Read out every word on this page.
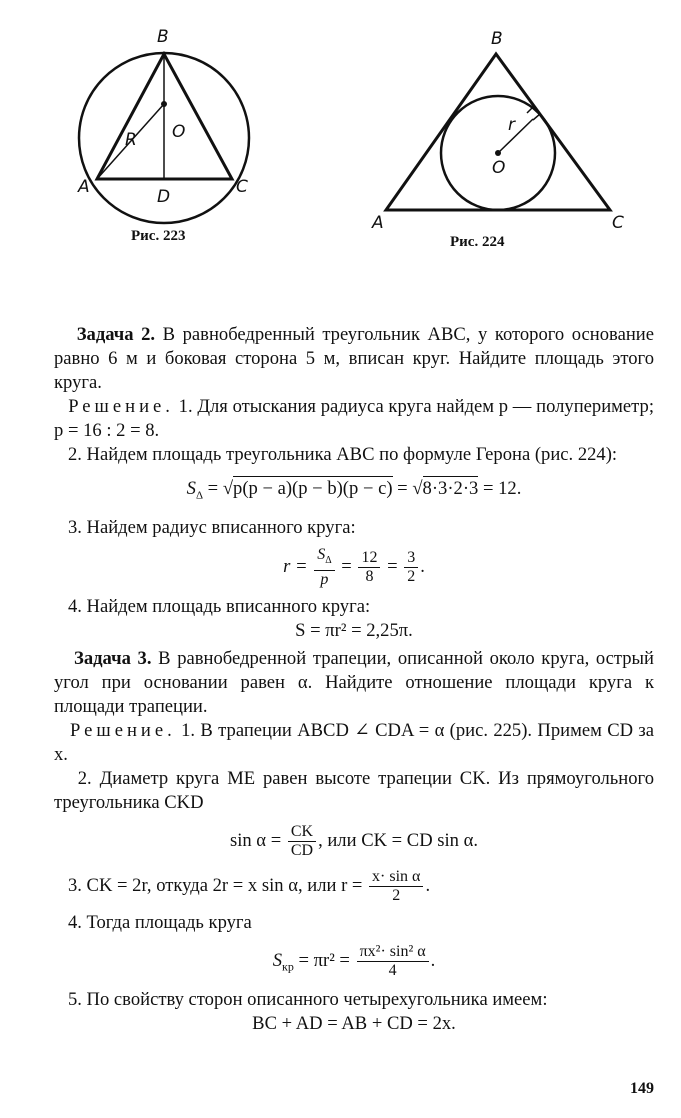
B
A	C
D
O
R
Рис. 223
B
A	C
O
r
Рис. 224

Задача 2. В равнобедренный треугольник ABC, у которого основание равно 6 м и боковая сторона 5 м, вписан круг. Найдите площадь этого круга.

Решение. 1. Для отыскания радиуса круга найдем p — полупериметр; p = 16 : 2 = 8.

2. Найдем площадь треугольника ABC по формуле Герона (рис. 224):

$S_\Delta = √p(p - a)(p - b)(p - c) = √8\cdot 3\cdot 2\cdot 3 = 12$.

3. Найдем радиус вписанного круга:

$r = \frac{S_\Delta}{p} = \frac{12}{8} = \frac{3}{2}$ .

4. Найдем площадь вписанного круга:

S = πr² = 2,25π.

Задача 3. В равнобедренной трапеции, описанной около круга, острый угол при основании равен α. Найдите отношение площади круга к площади трапеции.

Решение. 1. В трапеции ABCD ∠ CDA = α (рис. 225). Примем CD за x.

2. Диаметр круга ME равен высоте трапеции CK. Из прямоугольного треугольника CKD

$\sin \alpha = \frac{CK}{CD}$ , или CK = CD sin α.

3. CK = 2r, откуда 2r = x sin α, или $r = \frac{\text{x· sin α}}{2}$ .

4. Тогда площадь круга

$S_{кр} = \pi r^2 = \frac{\text{πx²· sin² α}}{4}$ .

5. По свойству сторон описанного четырехугольника имеем:

BC + AD = AB + CD = 2x.

149
